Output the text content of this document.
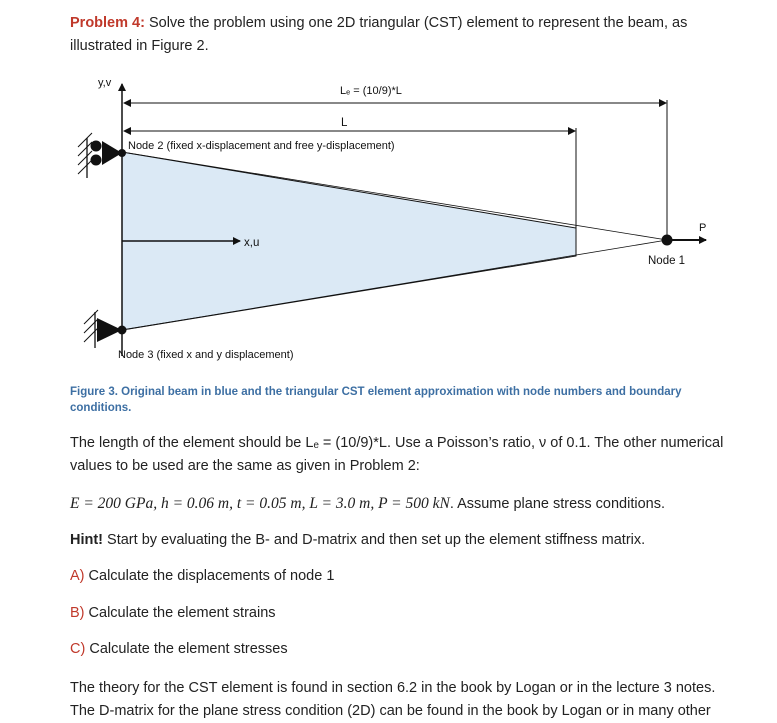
Problem 4: Solve the problem using one 2D triangular (CST) element to represent the beam, as
illustrated in Figure 2.
y,v
x,u
Lₑ = (10/9)*L
L
Node 2 (fixed x-displacement and free y-displacement)
Node 3 (fixed x and y displacement)
P
Node 1
Figure 3. Original beam in blue and the triangular CST element approximation with node numbers and boundary
conditions.
The length of the element should be Lₑ = (10/9)*L. Use a Poisson’s ratio, ν of 0.1. The other numerical
values to be used are the same as given in Problem 2:
E = 200 GPa, h = 0.06 m, t = 0.05 m, L = 3.0 m, P = 500 kN. Assume plane stress conditions.
Hint! Start by evaluating the B- and D-matrix and then set up the element stiffness matrix.
A) Calculate the displacements of node 1
B) Calculate the element strains
C) Calculate the element stresses
The theory for the CST element is found in section 6.2 in the book by Logan or in the lecture 3 notes.
The D-matrix for the plane stress condition (2D) can be found in the book by Logan or in many other
